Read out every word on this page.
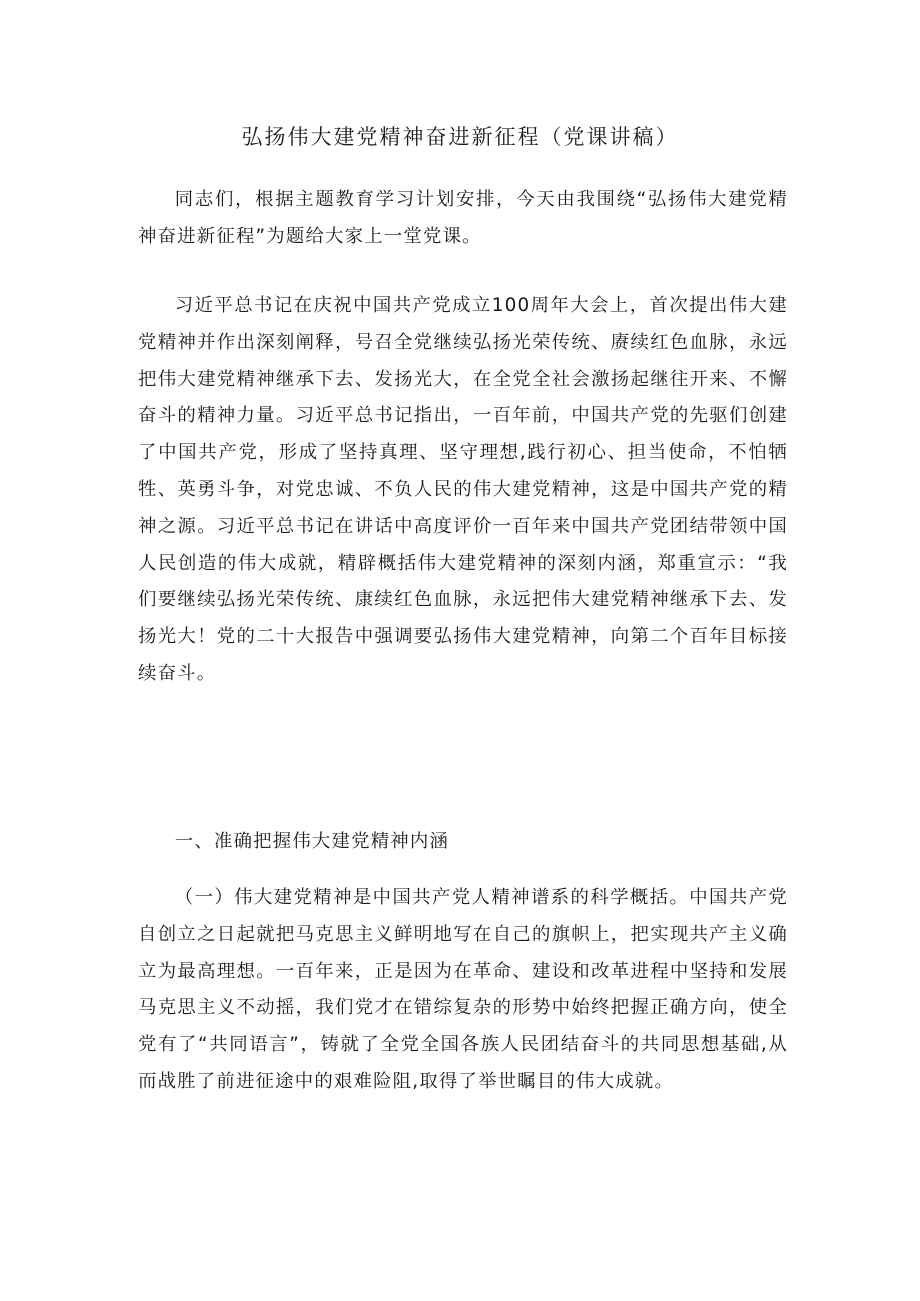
弘扬伟大建党精神奋进新征程（党课讲稿）

同志们，根据主题教育学习计划安排，今天由我围绕“弘扬伟大建党精神奋进新征程”为题给大家上一堂党课。

习近平总书记在庆祝中国共产党成立100周年大会上，首次提出伟大建党精神并作出深刻阐释，号召全党继续弘扬光荣传统、赓续红色血脉，永远把伟大建党精神继承下去、发扬光大，在全党全社会激扬起继往开来、不懈奋斗的精神力量。习近平总书记指出，一百年前，中国共产党的先驱们创建了中国共产党，形成了坚持真理、坚守理想,践行初心、担当使命，不怕牺牲、英勇斗争，对党忠诚、不负人民的伟大建党精神，这是中国共产党的精神之源。习近平总书记在讲话中高度评价一百年来中国共产党团结带领中国人民创造的伟大成就，精辟概括伟大建党精神的深刻内涵，郑重宣示：“我们要继续弘扬光荣传统、康续红色血脉，永远把伟大建党精神继承下去、发扬光大！党的二十大报告中强调要弘扬伟大建党精神，向第二个百年目标接续奋斗。

一、准确把握伟大建党精神内涵

（一）伟大建党精神是中国共产党人精神谱系的科学概括。中国共产党自创立之日起就把马克思主义鲜明地写在自己的旗帜上，把实现共产主义确立为最高理想。一百年来，正是因为在革命、建设和改革进程中坚持和发展马克思主义不动摇，我们党才在错综复杂的形势中始终把握正确方向，使全党有了“共同语言”，铸就了全党全国各族人民团结奋斗的共同思想基础,从而战胜了前进征途中的艰难险阻,取得了举世瞩目的伟大成就。
